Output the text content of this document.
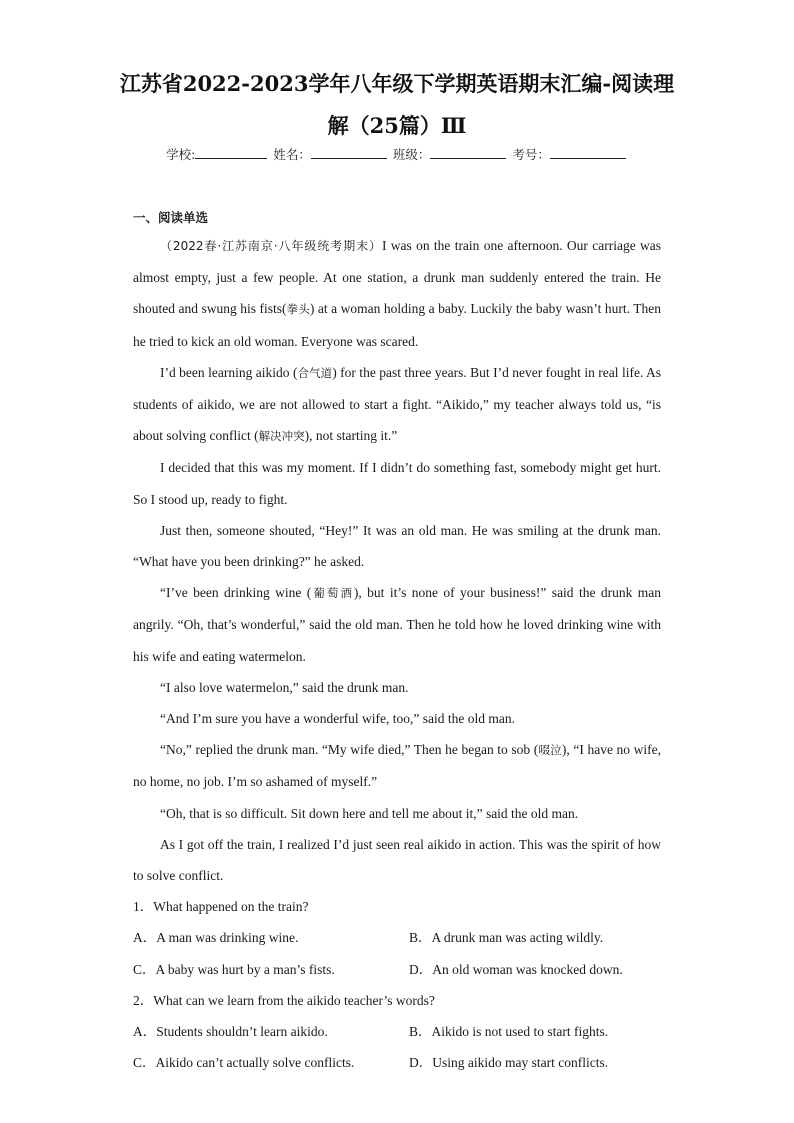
江苏省2022-2023学年八年级下学期英语期末汇编-阅读理
解（25篇）Ⅲ
学校:	姓名：	班级：	考号：
一、阅读单选

（2022春·江苏南京·八年级统考期末）I was on the train one afternoon. Our carriage was almost empty, just a few people. At one station, a drunk man suddenly entered the train. He shouted and swung his fists(拳头) at a woman holding a baby. Luckily the baby wasn’t hurt. Then he tried to kick an old woman. Everyone was scared.

I’d been learning aikido (合气道) for the past three years. But I’d never fought in real life. As students of aikido, we are not allowed to start a fight. “Aikido,” my teacher always told us, “is about solving conflict (解决冲突), not starting it.”

I decided that this was my moment. If I didn’t do something fast, somebody might get hurt. So I stood up, ready to fight.

Just then, someone shouted, “Hey!” It was an old man. He was smiling at the drunk man. “What have you been drinking?” he asked.

“I’ve been drinking wine (葡萄酒), but it’s none of your business!” said the drunk man angrily. “Oh, that’s wonderful,” said the old man. Then he told how he loved drinking wine with his wife and eating watermelon.

“I also love watermelon,” said the drunk man.

“And I’m sure you have a wonderful wife, too,” said the old man.

“No,” replied the drunk man. “My wife died,” Then he began to sob (啜泣), “I have no wife, no home, no job. I’m so ashamed of myself.”

“Oh, that is so difficult. Sit down here and tell me about it,” said the old man.

As I got off the train, I realized I’d just seen real aikido in action. This was the spirit of how to solve conflict.

1．What happened on the train?

A．A man was drinking wine.	B．A drunk man was acting wildly.
C．A baby was hurt by a man’s fists.	D．An old woman was knocked down.

2．What can we learn from the aikido teacher’s words?

A．Students shouldn’t learn aikido.	B．Aikido is not used to start fights.
C．Aikido can’t actually solve conflicts.	D．Using aikido may start conflicts.
